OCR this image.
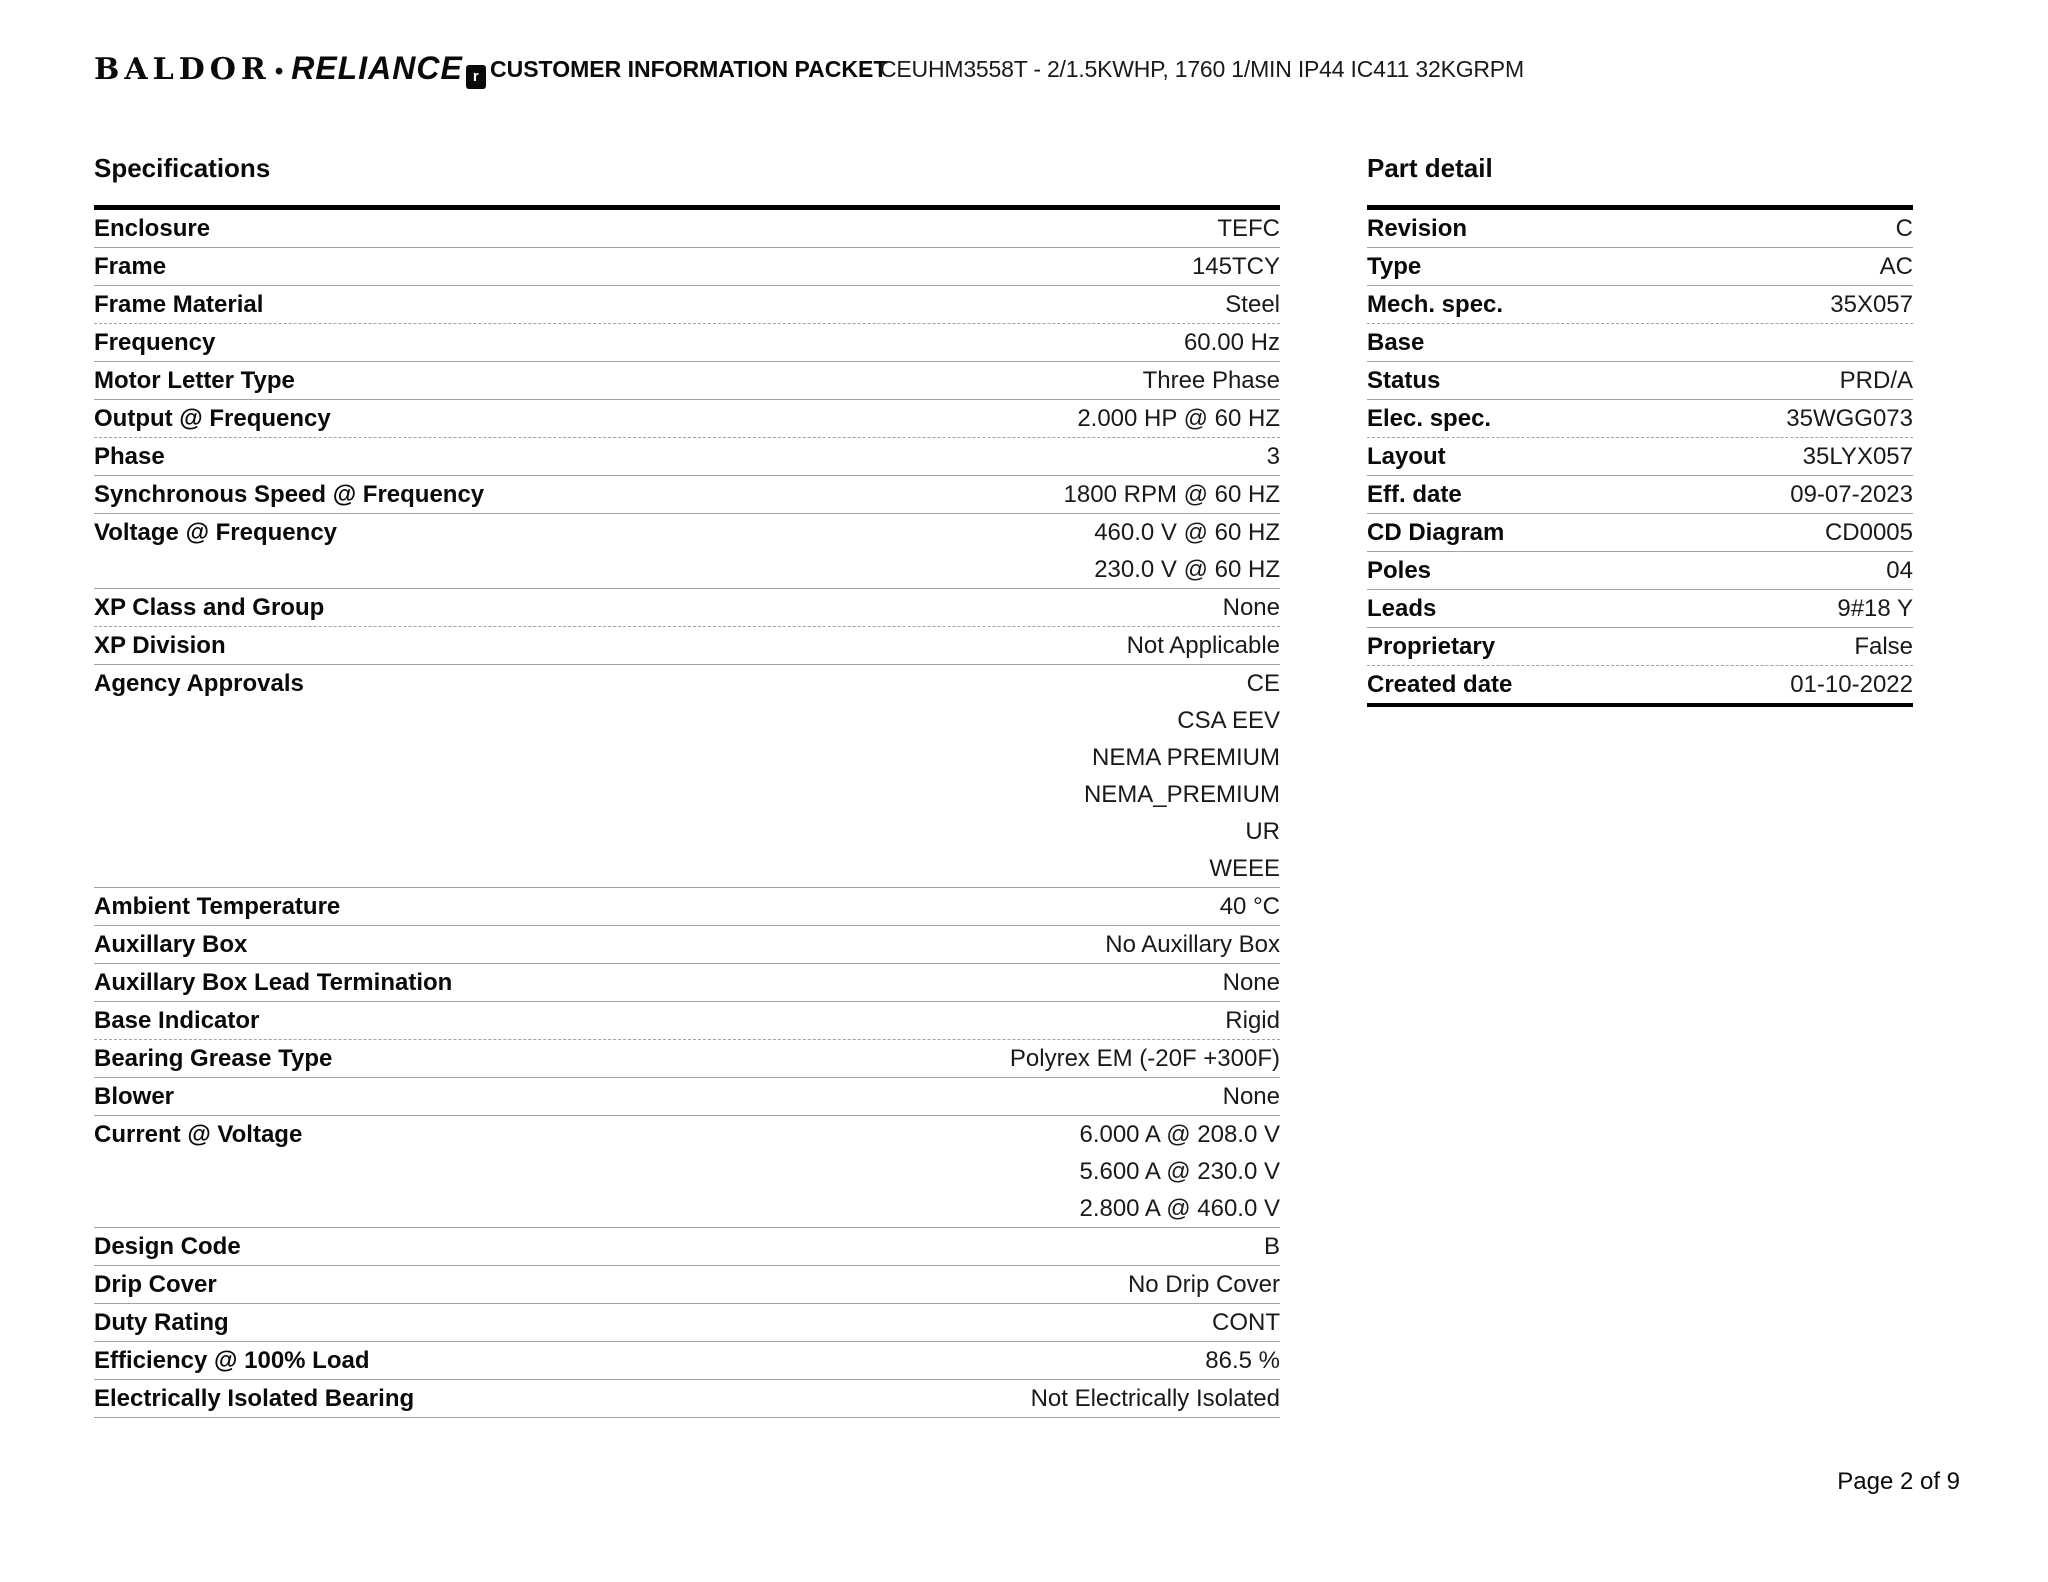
BALDOR • RELIANCE r CUSTOMER INFORMATION PACKET
CEUHM3558T - 2/1.5KWHP, 1760 1/MIN IP44 IC411 32KGRPM
Specifications	Part detail
Enclosure	TEFC
Frame	145TCY
Frame Material	Steel
Frequency	60.00 Hz
Motor Letter Type	Three Phase
Output @ Frequency	2.000 HP @ 60 HZ
Phase	3
Synchronous Speed @ Frequency	1800 RPM @ 60 HZ
Voltage @ Frequency	460.0 V @ 60 HZ
230.0 V @ 60 HZ
XP Class and Group	None
XP Division	Not Applicable
Agency Approvals	CE
CSA EEV
NEMA PREMIUM
NEMA_PREMIUM
UR
WEEE
Ambient Temperature	40 °C
Auxillary Box	No Auxillary Box
Auxillary Box Lead Termination	None
Base Indicator	Rigid
Bearing Grease Type	Polyrex EM (-20F +300F)
Blower	None
Current @ Voltage	6.000 A @ 208.0 V
5.600 A @ 230.0 V
2.800 A @ 460.0 V
Design Code	B
Drip Cover	No Drip Cover
Duty Rating	CONT
Efficiency @ 100% Load	86.5 %
Electrically Isolated Bearing	Not Electrically Isolated
Revision	C
Type	AC
Mech. spec.	35X057
Base
Status	PRD/A
Elec. spec.	35WGG073
Layout	35LYX057
Eff. date	09-07-2023
CD Diagram	CD0005
Poles	04
Leads	9#18 Y
Proprietary	False
Created date	01-10-2022
Page 2 of 9
